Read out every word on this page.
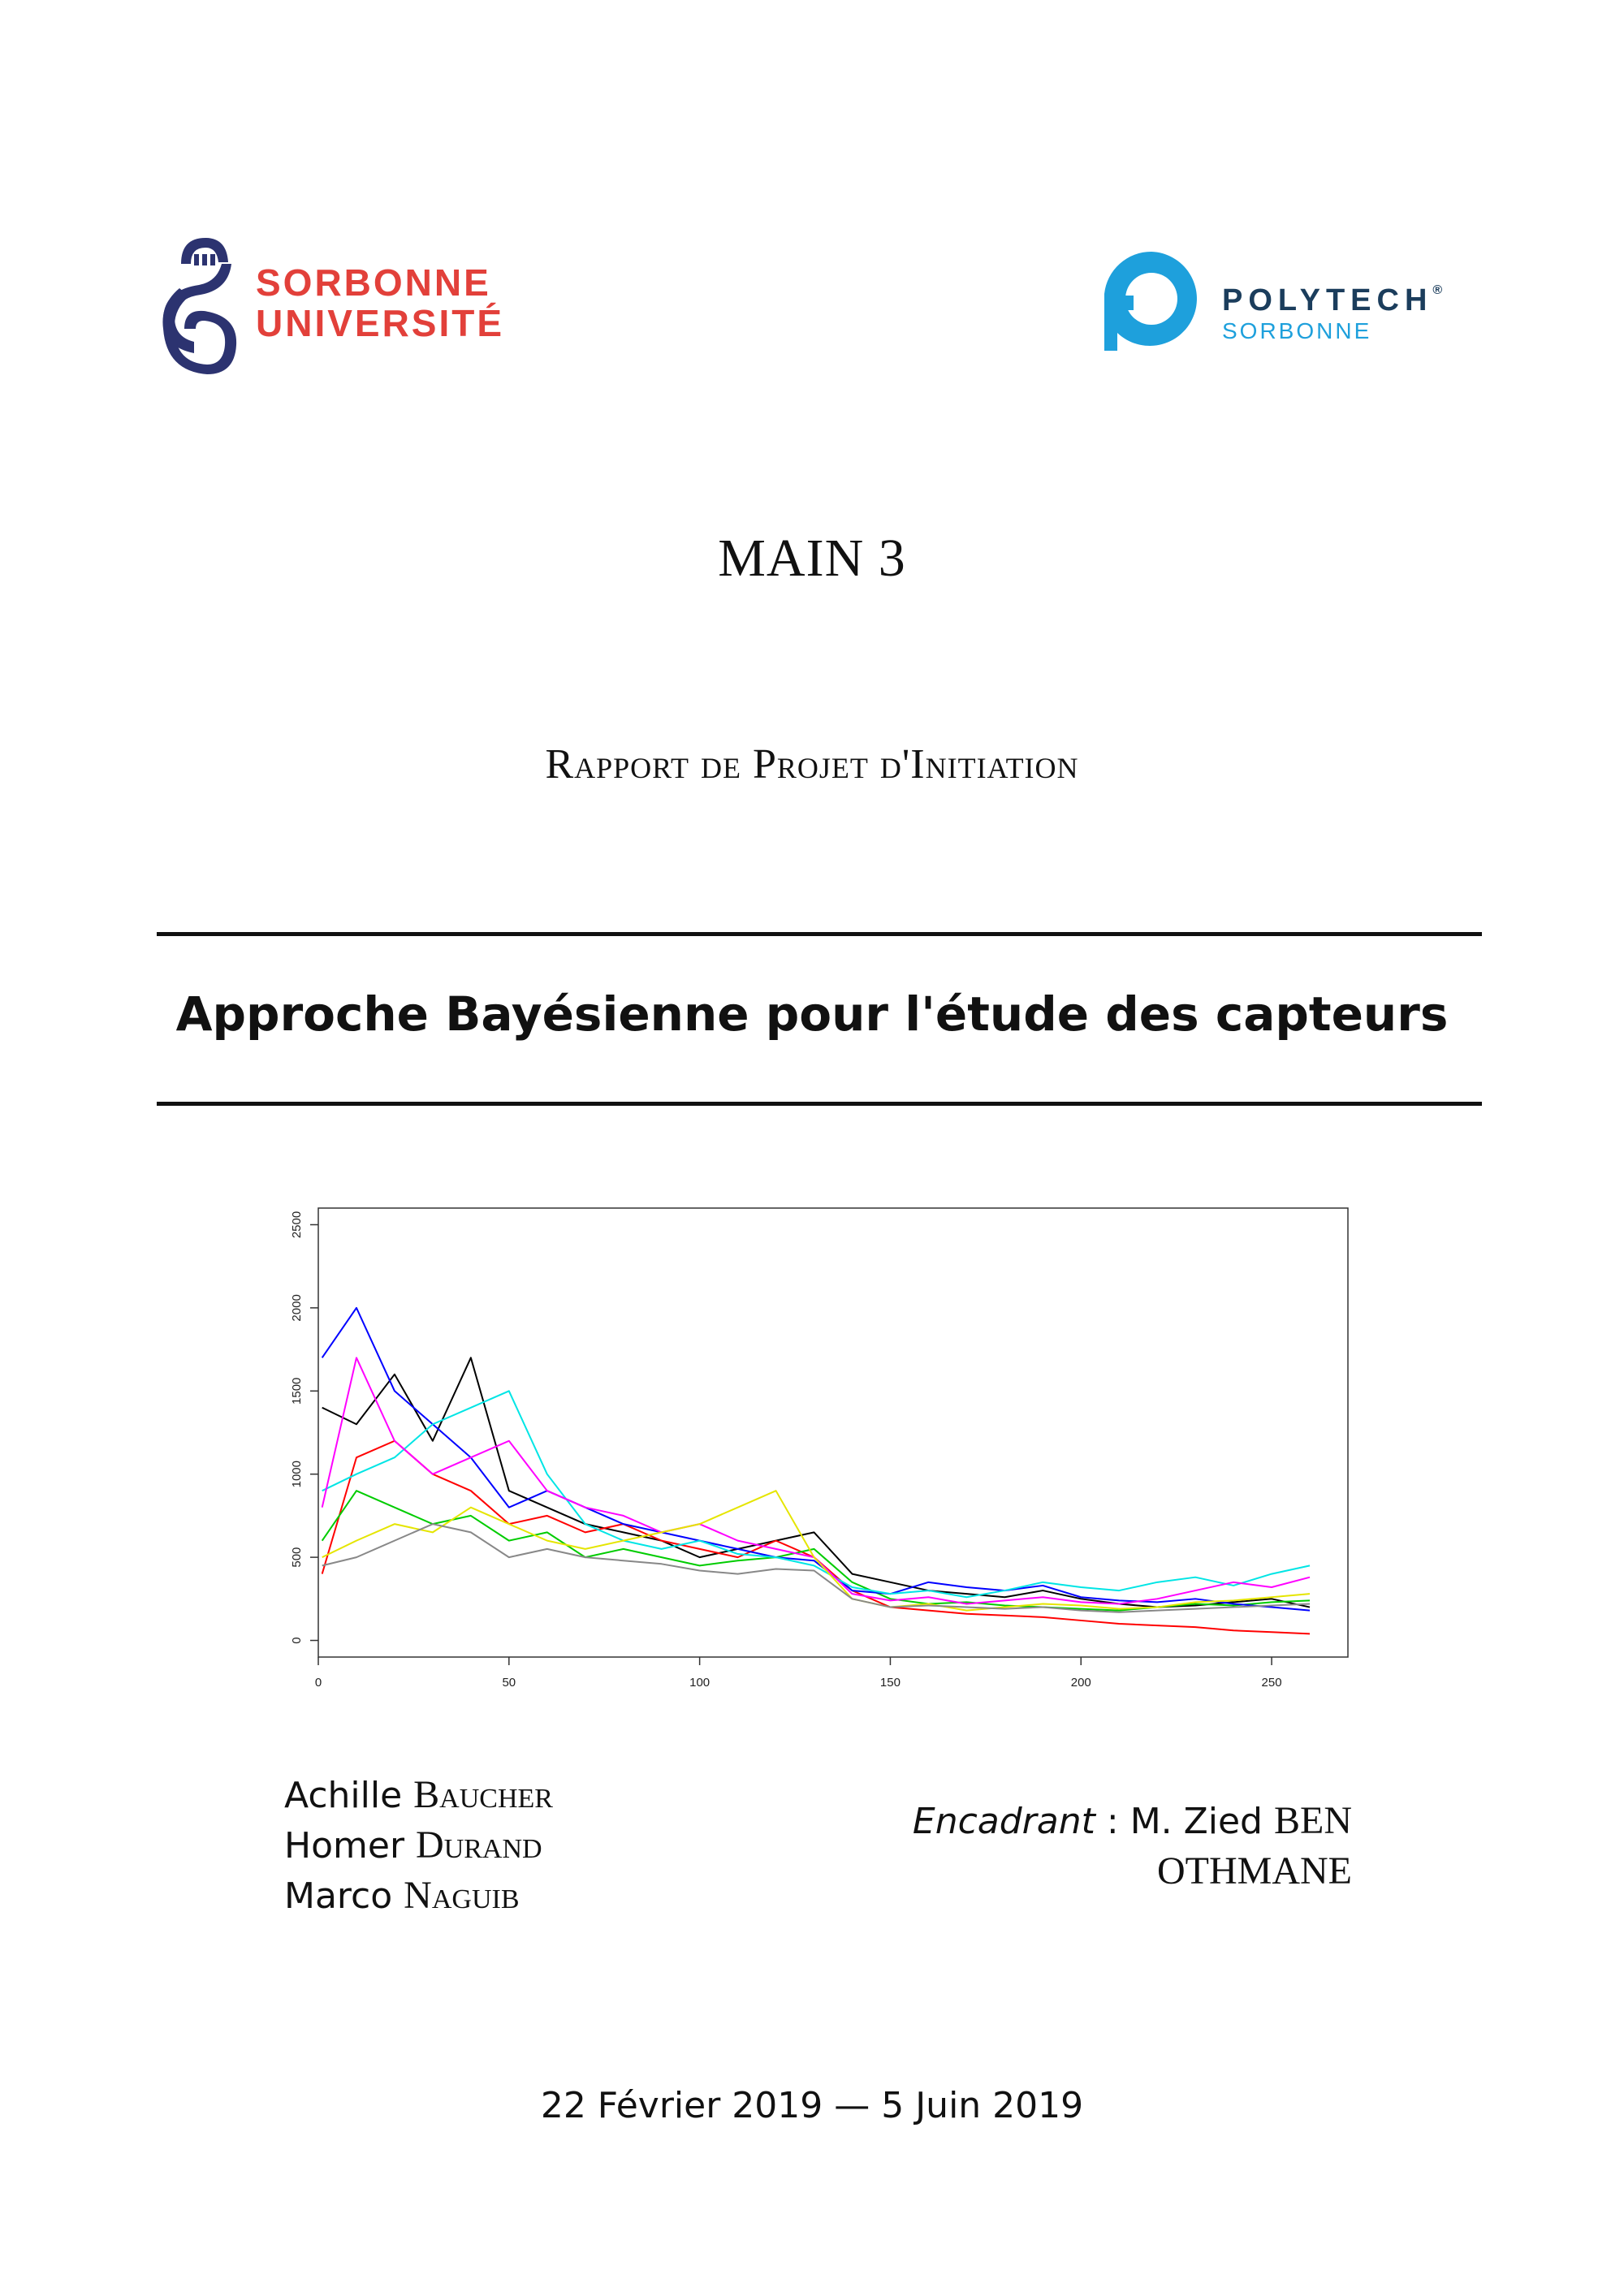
SORBONNE
UNIVERSITÉ
POLYTECH®
SORBONNE
MAIN 3
Rapport de Projet d'Initiation
Approche Bayésienne pour l'étude des capteurs
0
500
1000
1500
2000
2500
0	50	100	150	200	250
Achille Baucher
Homer Durand
Marco Naguib
Encadrant : M. Zied BEN
OTHMANE
22 Février 2019 — 5 Juin 2019
